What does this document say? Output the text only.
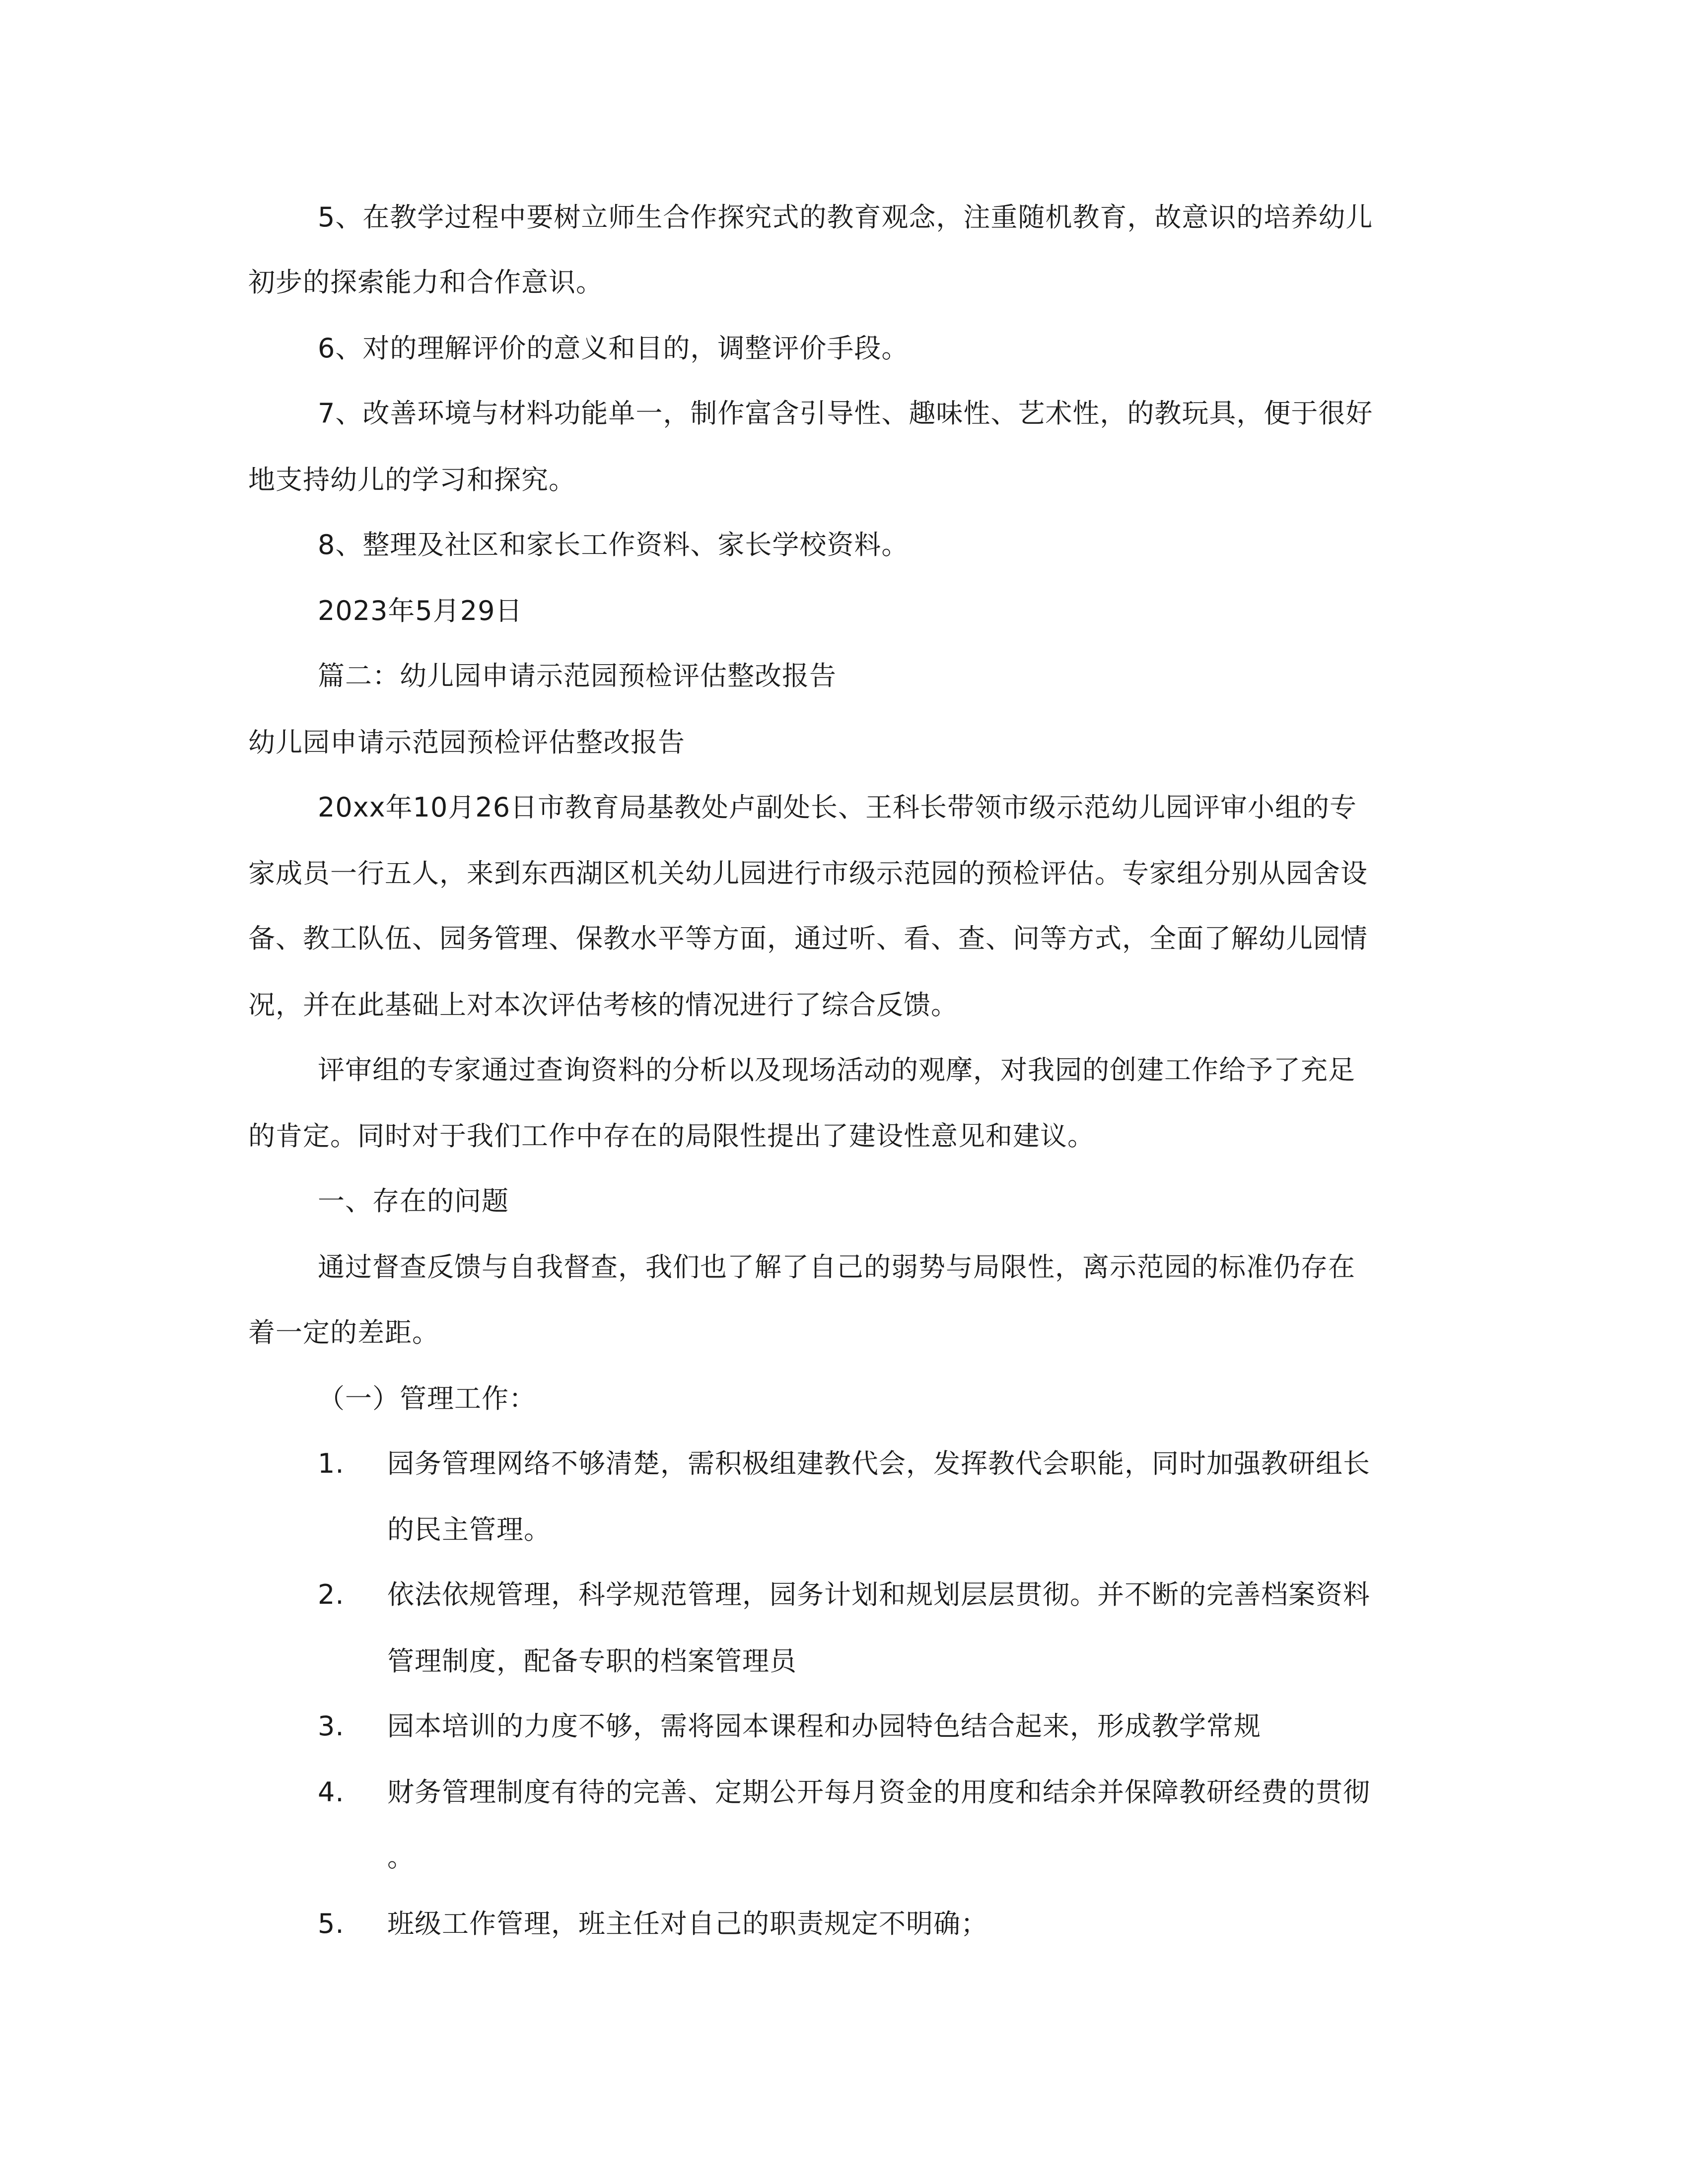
5、在教学过程中要树立师生合作探究式的教育观念，注重随机教育，故意识的培养幼儿
初步的探索能力和合作意识。
6、对的理解评价的意义和目的，调整评价手段。
7、改善环境与材料功能单一，制作富含引导性、趣味性、艺术性，的教玩具，便于很好
地支持幼儿的学习和探究。
8、整理及社区和家长工作资料、家长学校资料。
2023年5月29日
篇二：幼儿园申请示范园预检评估整改报告
幼儿园申请示范园预检评估整改报告
20xx年10月26日市教育局基教处卢副处长、王科长带领市级示范幼儿园评审小组的专
家成员一行五人，来到东西湖区机关幼儿园进行市级示范园的预检评估。专家组分别从园舍设
备、教工队伍、园务管理、保教水平等方面，通过听、看、查、问等方式，全面了解幼儿园情
况，并在此基础上对本次评估考核的情况进行了综合反馈。
评审组的专家通过查询资料的分析以及现场活动的观摩，对我园的创建工作给予了充足
的肯定。同时对于我们工作中存在的局限性提出了建设性意见和建议。
一、存在的问题
通过督查反馈与自我督查，我们也了解了自己的弱势与局限性，离示范园的标准仍存在
着一定的差距。
（一）管理工作：
1. 园务管理网络不够清楚，需积极组建教代会，发挥教代会职能，同时加强教研组长
的民主管理。
2. 依法依规管理，科学规范管理，园务计划和规划层层贯彻。并不断的完善档案资料
管理制度，配备专职的档案管理员
3. 园本培训的力度不够，需将园本课程和办园特色结合起来，形成教学常规
4. 财务管理制度有待的完善、定期公开每月资金的用度和结余并保障教研经费的贯彻
。
5. 班级工作管理，班主任对自己的职责规定不明确；
